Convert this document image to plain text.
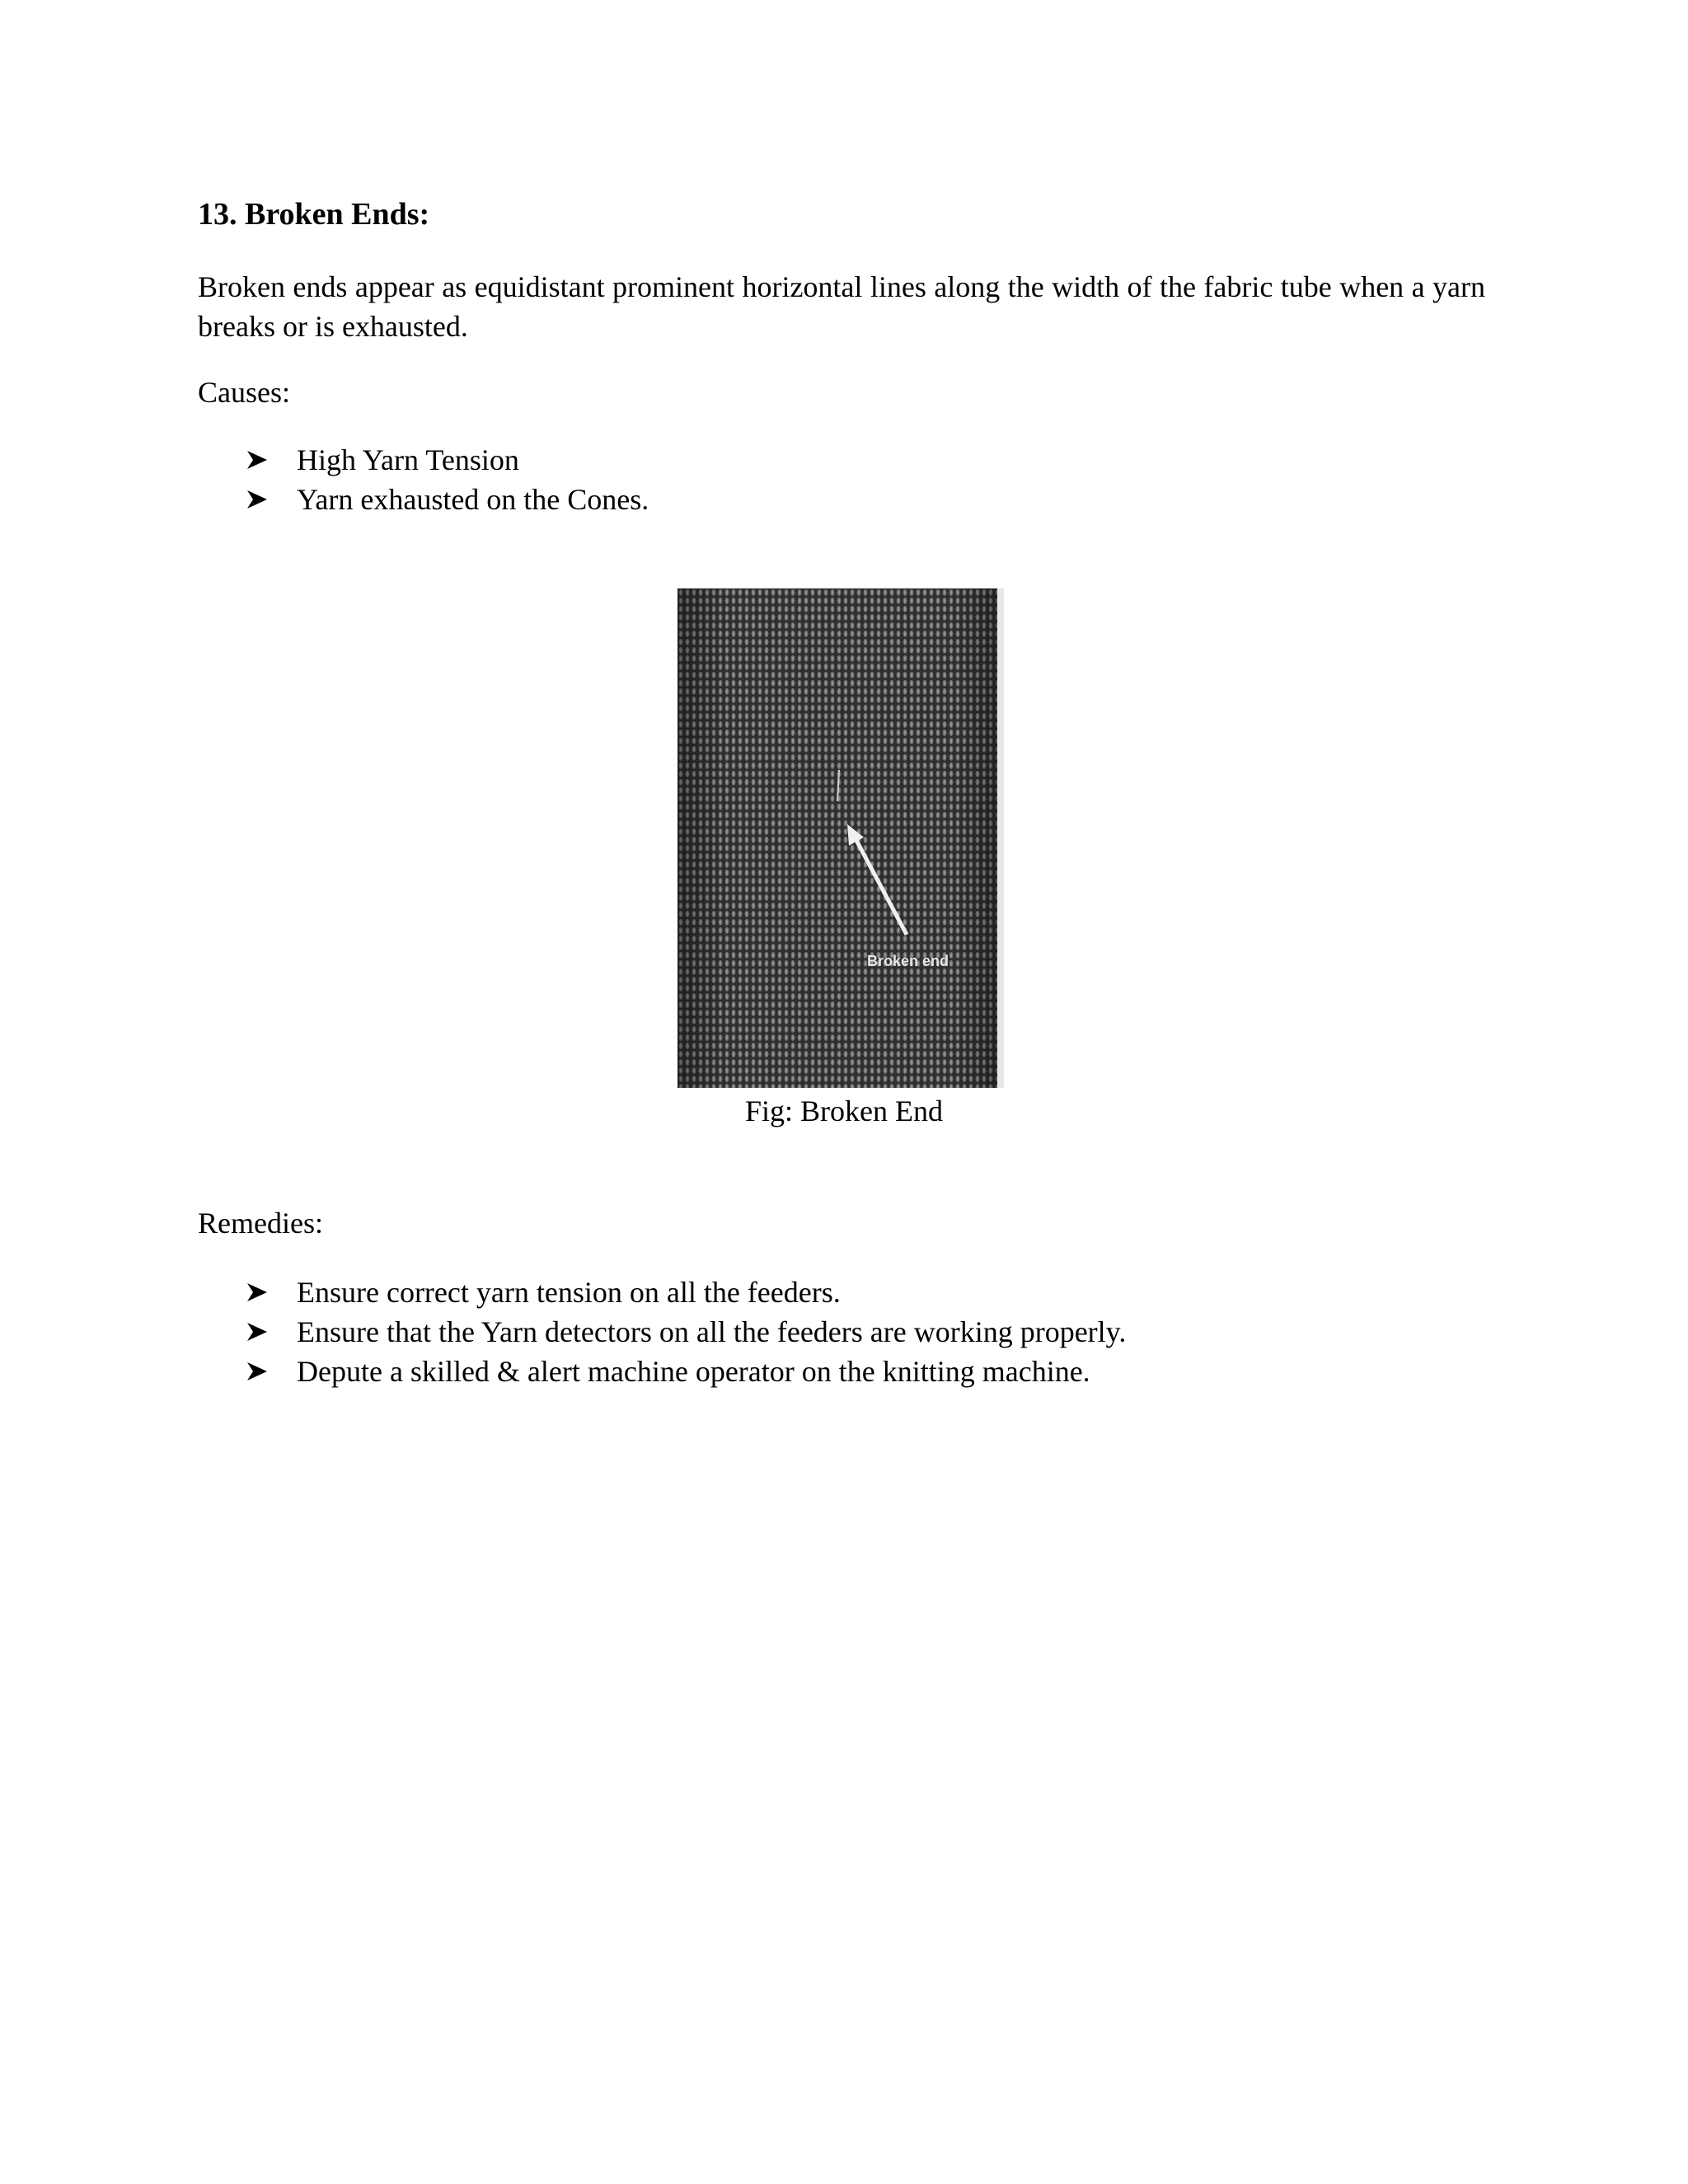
13. Broken Ends:
Broken ends appear as equidistant prominent horizontal lines along the width of the fabric tube when a yarn breaks or is exhausted.
Causes:
High Yarn Tension
Yarn exhausted on the Cones.
Broken end
Fig: Broken End
Remedies:
Ensure correct yarn tension on all the feeders.
Ensure that the Yarn detectors on all the feeders are working properly.
Depute a skilled & alert machine operator on the knitting machine.
